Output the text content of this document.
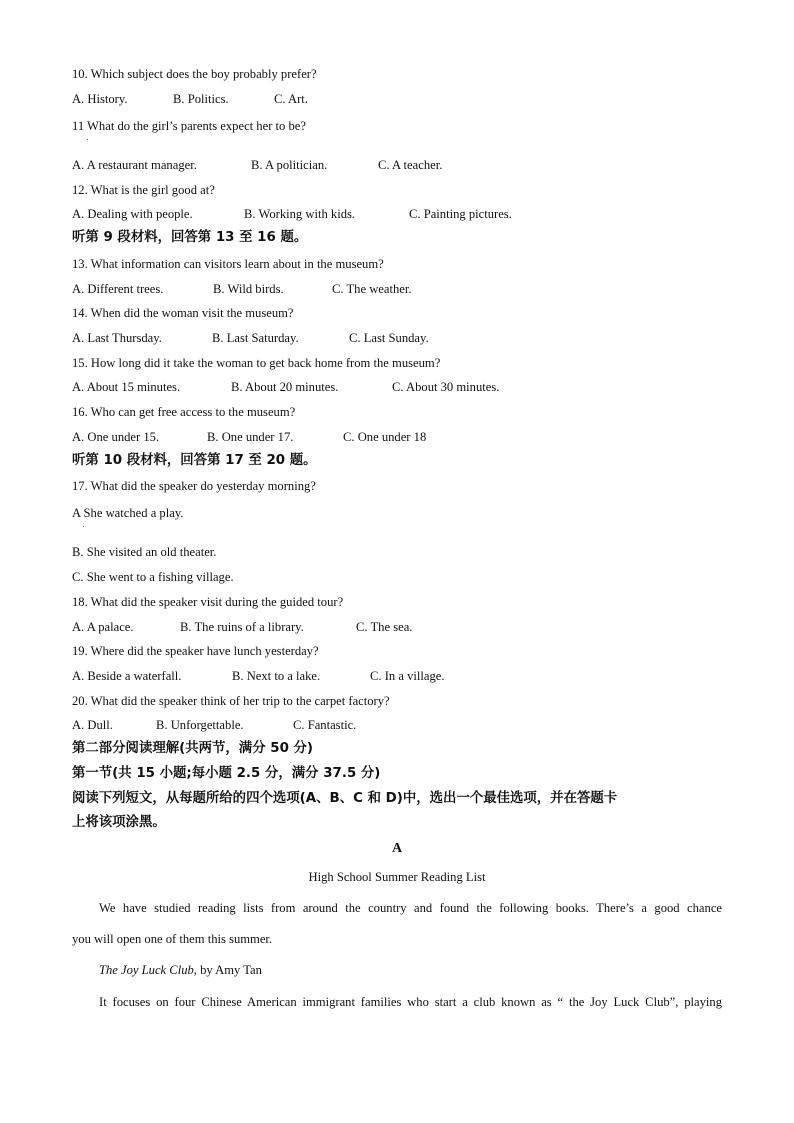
10. Which subject does the boy probably prefer?
A. History.	B. Politics.	C. Art.
11 What do the girl’s parents expect her to be?
A. A restaurant manager.	B. A politician.	C. A teacher.
12. What is the girl good at?
A. Dealing with people.	B. Working with kids.	C. Painting pictures.
听第 9 段材料，回答第 13 至 16 题。
13. What information can visitors learn about in the museum?
A. Different trees.	B. Wild birds.	C. The weather.
14. When did the woman visit the museum?
A. Last Thursday.	B. Last Saturday.	C. Last Sunday.
15. How long did it take the woman to get back home from the museum?
A. About 15 minutes.	B. About 20 minutes.	C. About 30 minutes.
16. Who can get free access to the museum?
A. One under 15.	B. One under 17.	C. One under 18
听第 10 段材料，回答第 17 至 20 题。
17. What did the speaker do yesterday morning?
A She watched a play.
B. She visited an old theater.
C. She went to a fishing village.
18. What did the speaker visit during the guided tour?
A. A palace.	B. The ruins of a library.	C. The sea.
19. Where did the speaker have lunch yesterday?
A. Beside a waterfall.	B. Next to a lake.	C. In a village.
20. What did the speaker think of her trip to the carpet factory?
A. Dull.	B. Unforgettable.	C. Fantastic.
第二部分阅读理解(共两节，满分 50 分)
第一节(共 15 小题;每小题 2.5 分，满分 37.5 分)
阅读下列短文，从每题所给的四个选项(A、B、C 和 D)中，选出一个最佳选项，并在答题卡
上将该项涂黑。
A
High School Summer Reading List
We have studied reading lists from around the country and found the following books. There’s a good chance
you will open one of them this summer.
The Joy Luck Club, by Amy Tan
It focuses on four Chinese American immigrant families who start a club known as “ the Joy Luck Club”, playing
